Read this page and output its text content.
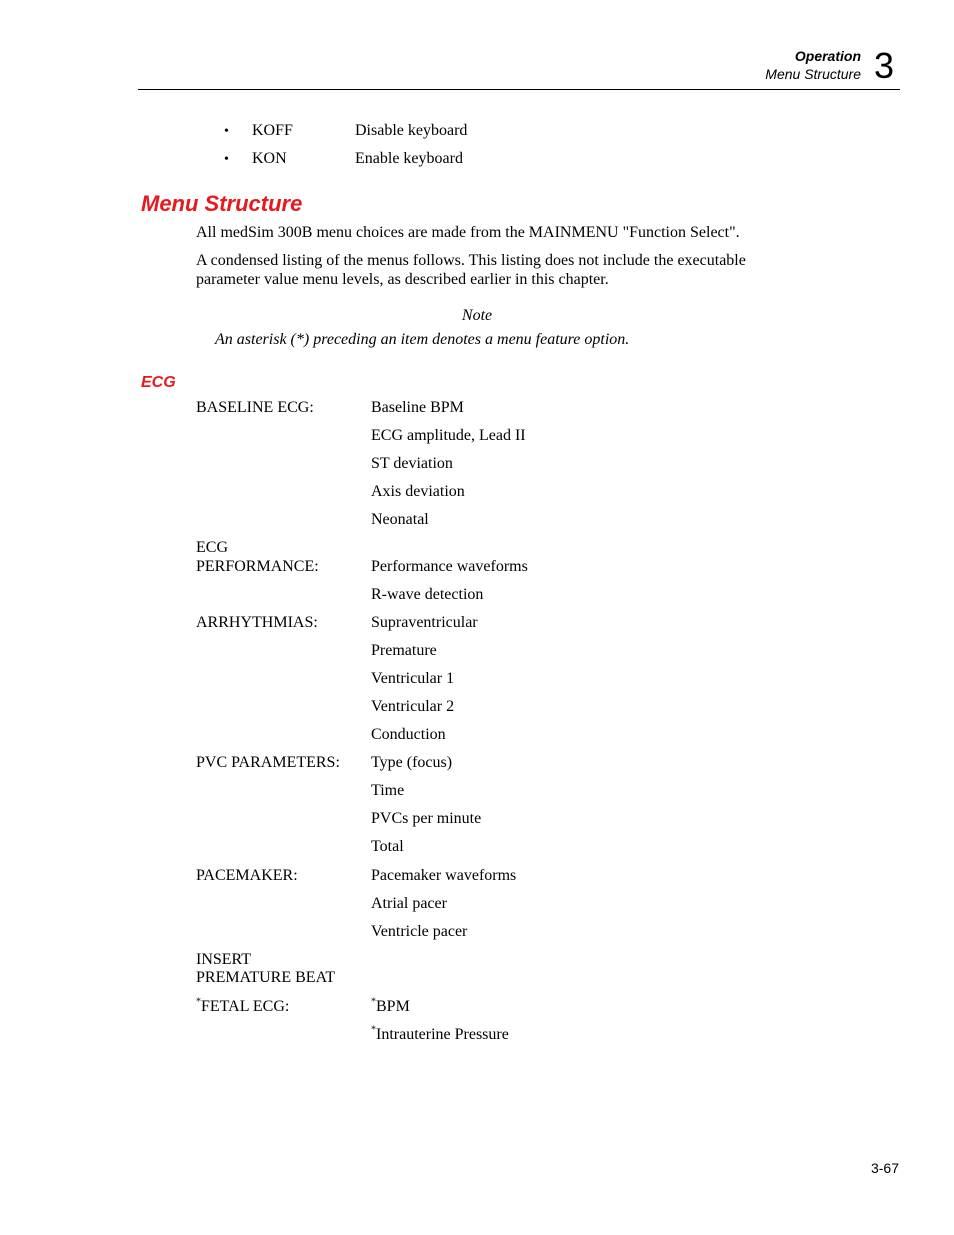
Operation
Menu Structure 3
• KOFF	Disable keyboard
• KON	Enable keyboard
Menu Structure
All medSim 300B menu choices are made from the MAINMENU "Function Select".
A condensed listing of the menus follows. This listing does not include the executable
parameter value menu levels, as described earlier in this chapter.
Note
An asterisk (*) preceding an item denotes a menu feature option.
ECG
BASELINE ECG:	Baseline BPM
ECG amplitude, Lead II
ST deviation
Axis deviation
Neonatal
ECG
PERFORMANCE:	Performance waveforms
R-wave detection
ARRHYTHMIAS:	Supraventricular
Premature
Ventricular 1
Ventricular 2
Conduction
PVC PARAMETERS: Type (focus)
Time
PVCs per minute
Total
PACEMAKER:	Pacemaker waveforms
Atrial pacer
Ventricle pacer
INSERT
PREMATURE BEAT
*FETAL ECG:	*BPM
*Intrauterine Pressure
3-67
